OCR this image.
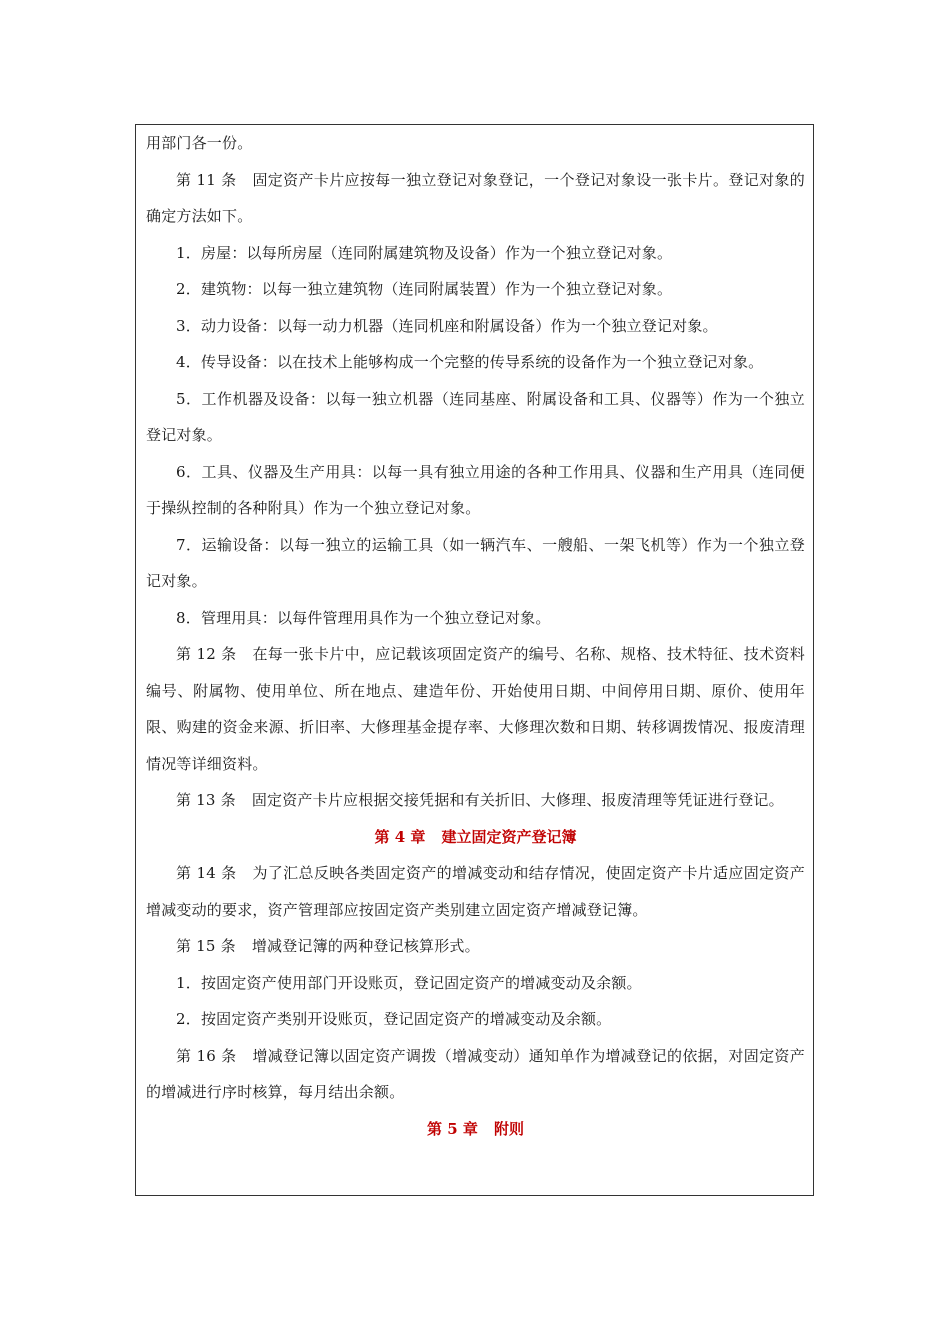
用部门各一份。

第 11 条 固定资产卡片应按每一独立登记对象登记，一个登记对象设一张卡片。登记对象的确定方法如下。

1．房屋：以每所房屋（连同附属建筑物及设备）作为一个独立登记对象。

2．建筑物：以每一独立建筑物（连同附属装置）作为一个独立登记对象。

3．动力设备：以每一动力机器（连同机座和附属设备）作为一个独立登记对象。

4．传导设备：以在技术上能够构成一个完整的传导系统的设备作为一个独立登记对象。

5．工作机器及设备：以每一独立机器（连同基座、附属设备和工具、仪器等）作为一个独立登记对象。

6．工具、仪器及生产用具：以每一具有独立用途的各种工作用具、仪器和生产用具（连同便于操纵控制的各种附具）作为一个独立登记对象。

7．运输设备：以每一独立的运输工具（如一辆汽车、一艘船、一架飞机等）作为一个独立登记对象。

8．管理用具：以每件管理用具作为一个独立登记对象。

第 12 条 在每一张卡片中，应记载该项固定资产的编号、名称、规格、技术特征、技术资料编号、附属物、使用单位、所在地点、建造年份、开始使用日期、中间停用日期、原价、使用年限、购建的资金来源、折旧率、大修理基金提存率、大修理次数和日期、转移调拨情况、报废清理情况等详细资料。

第 13 条 固定资产卡片应根据交接凭据和有关折旧、大修理、报废清理等凭证进行登记。

第 4 章 建立固定资产登记簿

第 14 条 为了汇总反映各类固定资产的增减变动和结存情况，使固定资产卡片适应固定资产增减变动的要求，资产管理部应按固定资产类别建立固定资产增减登记簿。

第 15 条 增减登记簿的两种登记核算形式。

1．按固定资产使用部门开设账页，登记固定资产的增减变动及余额。

2．按固定资产类别开设账页，登记固定资产的增减变动及余额。

第 16 条 增减登记簿以固定资产调拨（增减变动）通知单作为增减登记的依据，对固定资产的增减进行序时核算，每月结出余额。

第 5 章 附则
